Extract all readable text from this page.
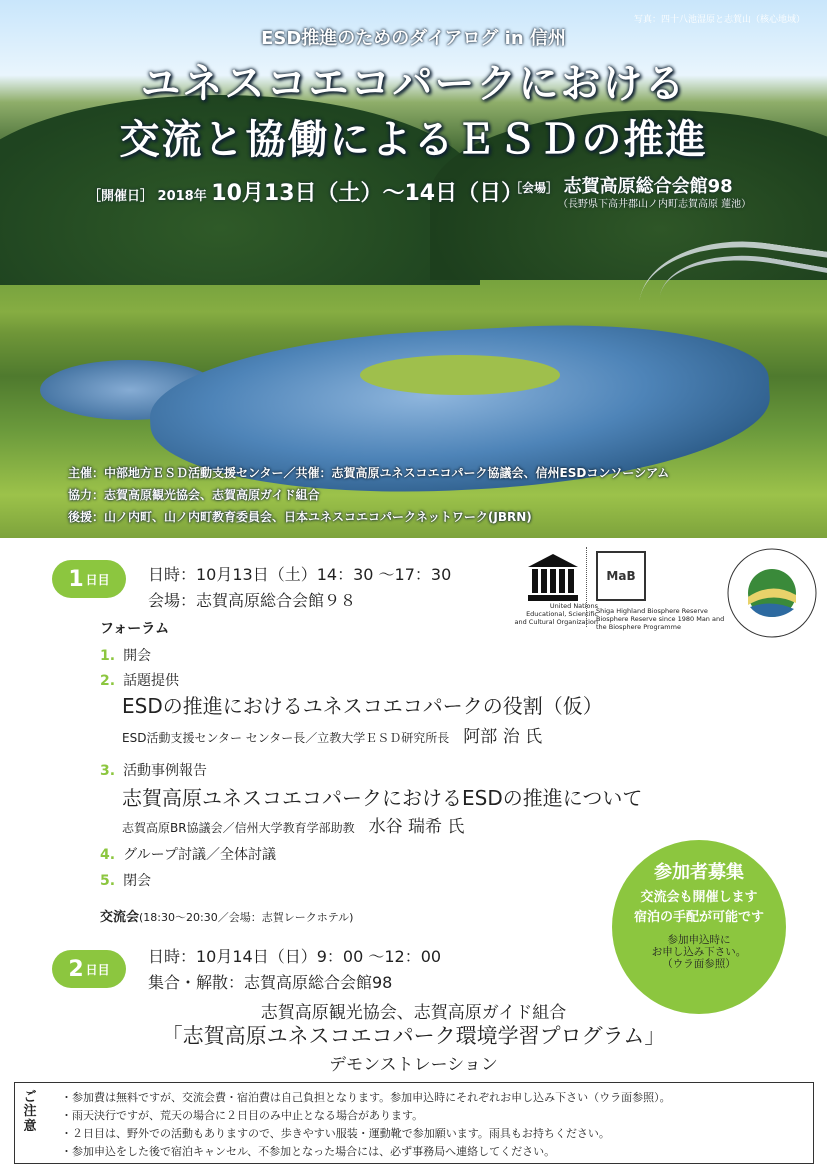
写真：四十八池湿原と志賀山（核心地域）
ESD推進のためのダイアログ in 信州
ユネスコエコパークにおける
交流と協働によるＥＳＤの推進
［開催日］ 2018年 10月13日（土）〜14日（日）
［会場］ 志賀高原総合会館98
（長野県下高井郡山ノ内町志賀高原 蓮池）
主催：中部地方ＥＳＤ活動支援センター／共催：志賀高原ユネスコエコパーク協議会、信州ESDコンソーシアム
協力：志賀高原観光協会、志賀高原ガイド組合
後援：山ノ内町、山ノ内町教育委員会、日本ユネスコエコパークネットワーク(JBRN)
1 日目 日時：10月13日（土）14：30 〜17：30
会場：志賀高原総合会館９８	United Nations Educational, Scientific and Cultural Organization
MaB
Shiga Highland Biosphere Reserve Biosphere Reserve since 1980 Man and the Biosphere Programme
フォーラム
1. 開会
2. 話題提供
ESDの推進におけるユネスコエコパークの役割（仮）
ESD活動支援センター センター長／立教大学ＥＳＤ研究所長 阿部 治 氏
3. 活動事例報告
志賀高原ユネスコエコパークにおけるESDの推進について
志賀高原BR協議会／信州大学教育学部助教 水谷 瑞希 氏
4. グループ討議／全体討議
5. 閉会
交流会(18:30〜20:30／会場：志賀レークホテル)
参加者募集
交流会も開催します
宿泊の手配が可能です
参加申込時に
お申し込み下さい。
（ウラ面参照）
2 日目
日時：10月14日（日）9：00 〜12：00
集合・解散：志賀高原総合会館98
志賀高原観光協会、志賀高原ガイド組合
「志賀高原ユネスコエコパーク環境学習プログラム」
デモンストレーション
ご注意
・参加費は無料ですが、交流会費・宿泊費は自己負担となります。参加申込時にそれぞれお申し込み下さい（ウラ面参照）。
・雨天決行ですが、荒天の場合に２日目のみ中止となる場合があります。
・２日目は、野外での活動もありますので、歩きやすい服装・運動靴で参加願います。雨具もお持ちください。
・参加申込をした後で宿泊キャンセル、不参加となった場合には、必ず事務局へ連絡してください。
